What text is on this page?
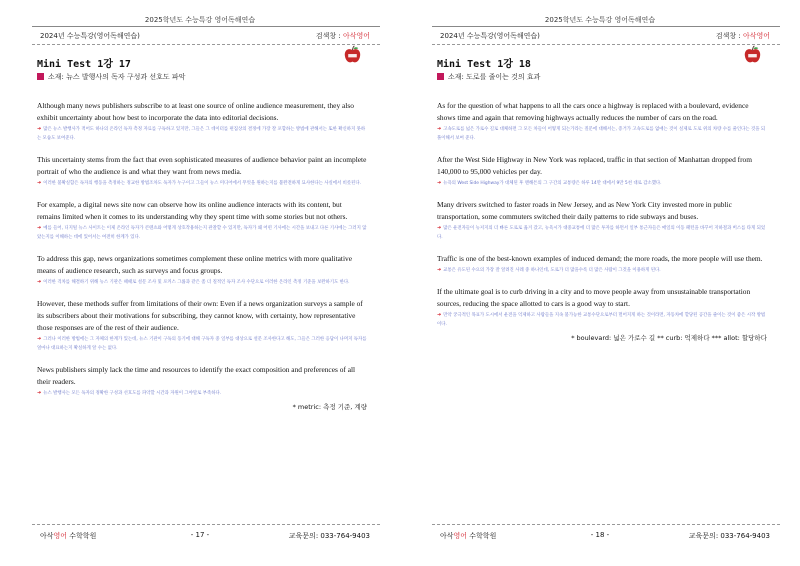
2025학년도 수능특강 영어독해연습
2024년 수능특강(영어독해연습)	검색창 : 아삭영어
Mini Test 1강 17
소재: 뉴스 발행사의 독자 구성과 선호도 파악

Although many news publishers subscribe to at least one source of online audience measurement, they also exhibit uncertainty about how best to incorporate the data into editorial decisions.

➜ 많은 뉴스 발행사가 적어도 하나의 온라인 독자 측정 자료를 구독하고 있지만, 그들은 그 데이터를 편집상의 결정에 가장 잘 포함하는 방법에 관해서는 또한 확신하지 못하는 모습도 보여준다.

This uncertainty stems from the fact that even sophisticated measures of audience behavior paint an incomplete portrait of who the audience is and what they want from news media.

➜ 이러한 불확실함은 독자의 행동을 측정하는 정교한 방법조차도 독자가 누구이고 그들이 뉴스 미디어에서 무엇을 원하는지를 불완전하게 묘사한다는 사실에서 비롯된다.

For example, a digital news site now can observe how its online audience interacts with its content, but remains limited when it comes to its understanding why they spent time with some stories but not others.

➜ 예를 들어, 디지털 뉴스 사이트는 이제 온라인 독자가 콘텐츠와 어떻게 상호작용하는지 관찰할 수 있지만, 독자가 왜 어떤 기사에는 시간을 보내고 다른 기사에는 그러지 않았는지를 이해하는 데에 있어서는 여전히 한계가 있다.

To address this gap, news organizations sometimes complement these online metrics with more qualitative means of audience research, such as surveys and focus groups.

➜ 이러한 격차를 해결하기 위해 뉴스 기관은 때때로 설문 조사 및 포커스 그룹과 같은 좀 더 질적인 독자 조사 수단으로 이러한 온라인 측정 기준을 보완하기도 한다.

However, these methods suffer from limitations of their own: Even if a news organization surveys a sample of its subscribers about their motivations for subscribing, they cannot know, with certainty, how representative those responses are of the rest of their audience.

➜ 그러나 이러한 방법에는 그 자체의 한계가 있는데, 뉴스 기관이 구독의 동기에 대해 구독자 중 일부를 대상으로 설문 조사한다고 해도, 그들은 그러한 응답이 나머지 독자를 얼마나 대표하는지 확실하게 알 수는 없다.

News publishers simply lack the time and resources to identify the exact composition and preferences of all their readers.

➜ 뉴스 발행사는 모든 독자의 정확한 구성과 선호도를 파악할 시간과 자원이 그야말로 부족하다.

* metric: 측정 기준, 계량
아삭영어 수학학원	- 17 -	교육문의: 033-764-9403
2025학년도 수능특강 영어독해연습
2024년 수능특강(영어독해연습)	검색창 : 아삭영어
Mini Test 1강 18
소재: 도로를 줄이는 것의 효과

As for the question of what happens to all the cars once a highway is replaced with a boulevard, evidence shows time and again that removing highways actually reduces the number of cars on the road.

➜ 고속도로를 넓은 가로수 길로 대체하면 그 모든 차들이 어떻게 되는가라는 질문에 대해서는, 증거가 고속도로를 없애는 것이 실제로 도로 위의 차량 수를 줄인다는 것을 되풀이해서 보여 준다.

After the West Side Highway in New York was replaced, traffic in that section of Manhattan dropped from 140,000 to 95,000 vehicles per day.

➜ 뉴욕의 West Side Highway가 대체된 후 맨해튼의 그 구간의 교통량은 하루 14만 대에서 9만 5천 대로 감소했다.

Many drivers switched to faster roads in New Jersey, and as New York City invested more in public transportation, some commuters switched their daily patterns to ride subways and buses.

➜ 많은 운전자들이 뉴저지의 더 빠른 도로로 옮겨 갔고, 뉴욕시가 대중교통에 더 많은 투자를 하면서 일부 통근자들은 매일의 이동 패턴을 바꾸어 지하철과 버스를 타게 되었다.

Traffic is one of the best-known examples of induced demand; the more roads, the more people will use them.

➜ 교통은 유도된 수요의 가장 잘 알려진 사례 중 하나인데, 도로가 더 많을수록 더 많은 사람이 그것을 이용하게 된다.

If the ultimate goal is to curb driving in a city and to move people away from unsustainable transportation sources, reducing the space allotted to cars is a good way to start.

➜ 만약 궁극적인 목표가 도시에서 운전을 억제하고 사람들을 지속 불가능한 교통수단으로부터 멀어지게 하는 것이라면, 자동차에 할당된 공간을 줄이는 것이 좋은 시작 방법이다.

* boulevard: 넓은 가로수 길 ** curb: 억제하다 *** allot: 할당하다
아삭영어 수학학원	- 18 -	교육문의: 033-764-9403
